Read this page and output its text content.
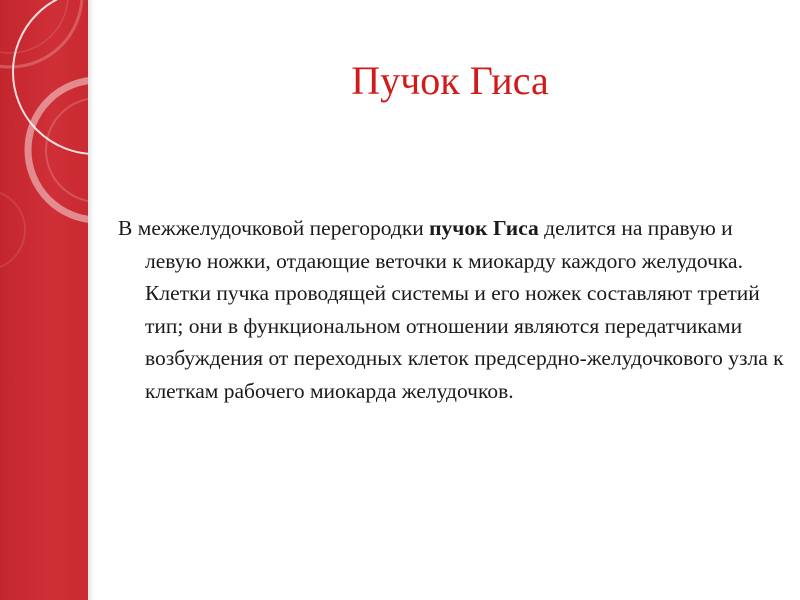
Пучок Гиса

В межжелудочковой перегородки пучок Гиса делится на правую и левую ножки, отдающие веточки к миокарду каждого желудочка. Клетки пучка проводящей системы и его ножек составляют третий тип; они в функциональном отношении являются передатчиками возбуждения от переходных клеток предсердно-желудочкового узла к клеткам рабочего миокарда желудочков.
